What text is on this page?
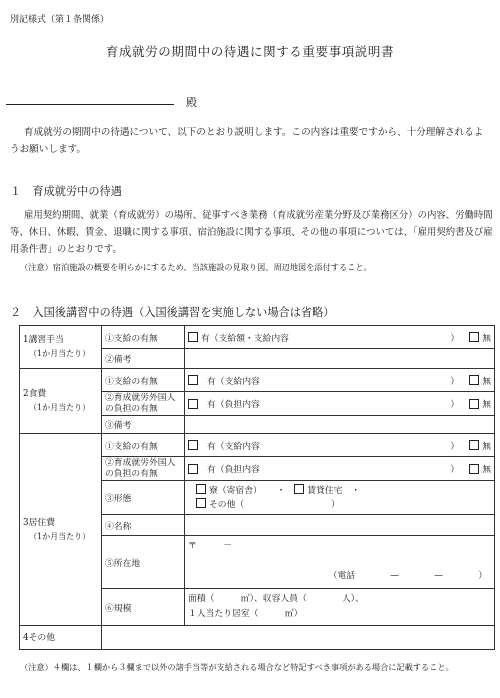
別記様式（第１条関係）
育成就労の期間中の待遇に関する重要事項説明書
殿
育成就労の期間中の待遇について、以下のとおり説明します。この内容は重要ですから、十分理解されるようお願いします。
１　育成就労中の待遇
雇用契約期間、就業（育成就労）の場所、従事すべき業務（育成就労産業分野及び業務区分）の内容、労働時間等、休日、休暇、賃金、退職に関する事項、宿泊施設に関する事項、その他の事項については、「雇用契約書及び雇用条件書」のとおりです。
（注意）宿泊施設の概要を明らかにするため、当該施設の見取り図、周辺地図を添付すること。
２　入国後講習中の待遇（入国後講習を実施しない場合は省略）
1講習手当
（1か月当たり）	①支給の有無	有（支給額・支給内容 ） 無

	②備考	
2食費
（1か月当たり）	①支給の有無	有（支給内容 ） 無

	②育成就労外国人の負担の有無	有（負担内容 ） 無

	③備考	
3居住費
（1か月当たり）	①支給の有無	有（支給内容 ） 無

	②育成就労外国人の負担の有無	有（負担内容 ） 無

	③形態	寮（寄宿舎） ・ 賃貸住宅 ・
その他（ ）

	④名称	
	⑤所在地	〒　　　－
（電話　　　　—　　　　—　　　　）

	⑥規模	面積（　　　㎡）、収容人員（　　　　人）、
１人当たり居室（　　　㎡）

4その他		
（注意）４欄は、１欄から３欄まで以外の諸手当等が支給される場合など特記すべき事項がある場合に記載すること。
